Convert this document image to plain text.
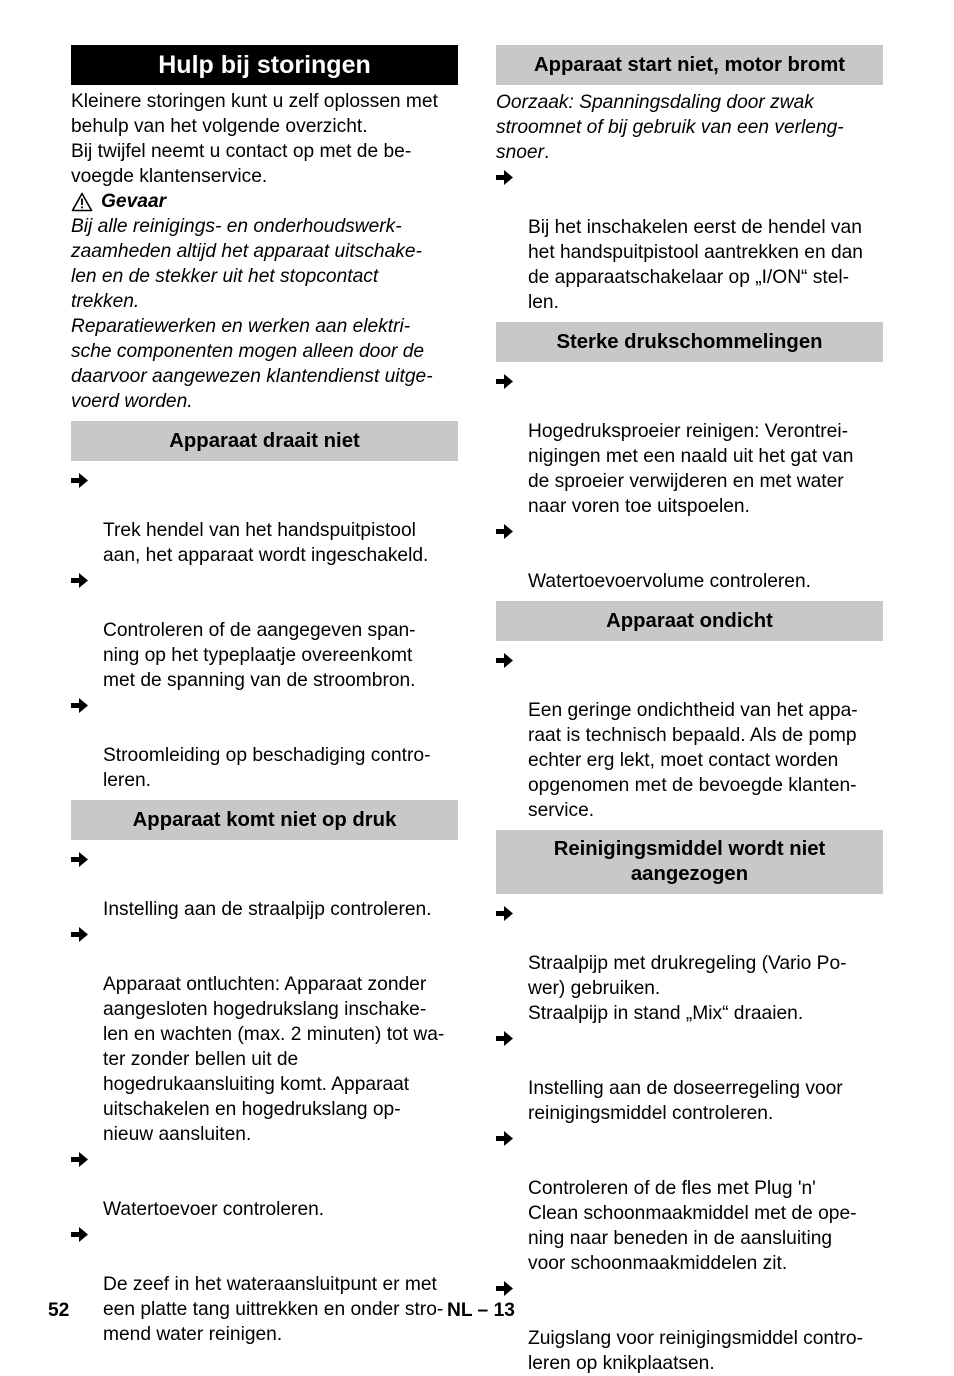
Hulp bij storingen

Kleinere storingen kunt u zelf oplossen met
behulp van het volgende overzicht.
Bij twijfel neemt u contact op met de be-
voegde klantenservice.

Gevaar

Bij alle reinigings- en onderhoudswerk-
zaamheden altijd het apparaat uitschake-
len en de stekker uit het stopcontact
trekken.

Reparatiewerken en werken aan elektri-
sche componenten mogen alleen door de
daarvoor aangewezen klantendienst uitge-
voerd worden.

Apparaat draait niet

Trek hendel van het handspuitpistool
aan, het apparaat wordt ingeschakeld.

Controleren of de aangegeven span-
ning op het typeplaatje overeenkomt
met de spanning van de stroombron.

Stroomleiding op beschadiging contro-
leren.

Apparaat komt niet op druk

Instelling aan de straalpijp controleren.

Apparaat ontluchten: Apparaat zonder
aangesloten hogedrukslang inschake-
len en wachten (max. 2 minuten) tot wa-
ter zonder bellen uit de
hogedrukaansluiting komt. Apparaat
uitschakelen en hogedrukslang op-
nieuw aansluiten.

Watertoevoer controleren.

De zeef in het wateraansluitpunt er met
een platte tang uittrekken en onder stro-
mend water reinigen.

Apparaat start niet, motor bromt

Oorzaak: Spanningsdaling door zwak
stroomnet of bij gebruik van een verleng-
snoer.

Bij het inschakelen eerst de hendel van
het handspuitpistool aantrekken en dan
de apparaatschakelaar op „I/ON“ stel-
len.

Sterke drukschommelingen

Hogedruksproeier reinigen: Verontrei-
nigingen met een naald uit het gat van
de sproeier verwijderen en met water
naar voren toe uitspoelen.

Watertoevoervolume controleren.

Apparaat ondicht

Een geringe ondichtheid van het appa-
raat is technisch bepaald. Als de pomp
echter erg lekt, moet contact worden
opgenomen met de bevoegde klanten-
service.

Reinigingsmiddel wordt niet
aangezogen

Straalpijp met drukregeling (Vario Po-
wer) gebruiken.
Straalpijp in stand „Mix“ draaien.

Instelling aan de doseerregeling voor
reinigingsmiddel controleren.

Controleren of de fles met Plug 'n'
Clean schoonmaakmiddel met de ope-
ning naar beneden in de aansluiting
voor schoonmaakmiddelen zit.

Zuigslang voor reinigingsmiddel contro-
leren op knikplaatsen.

52	NL – 13
